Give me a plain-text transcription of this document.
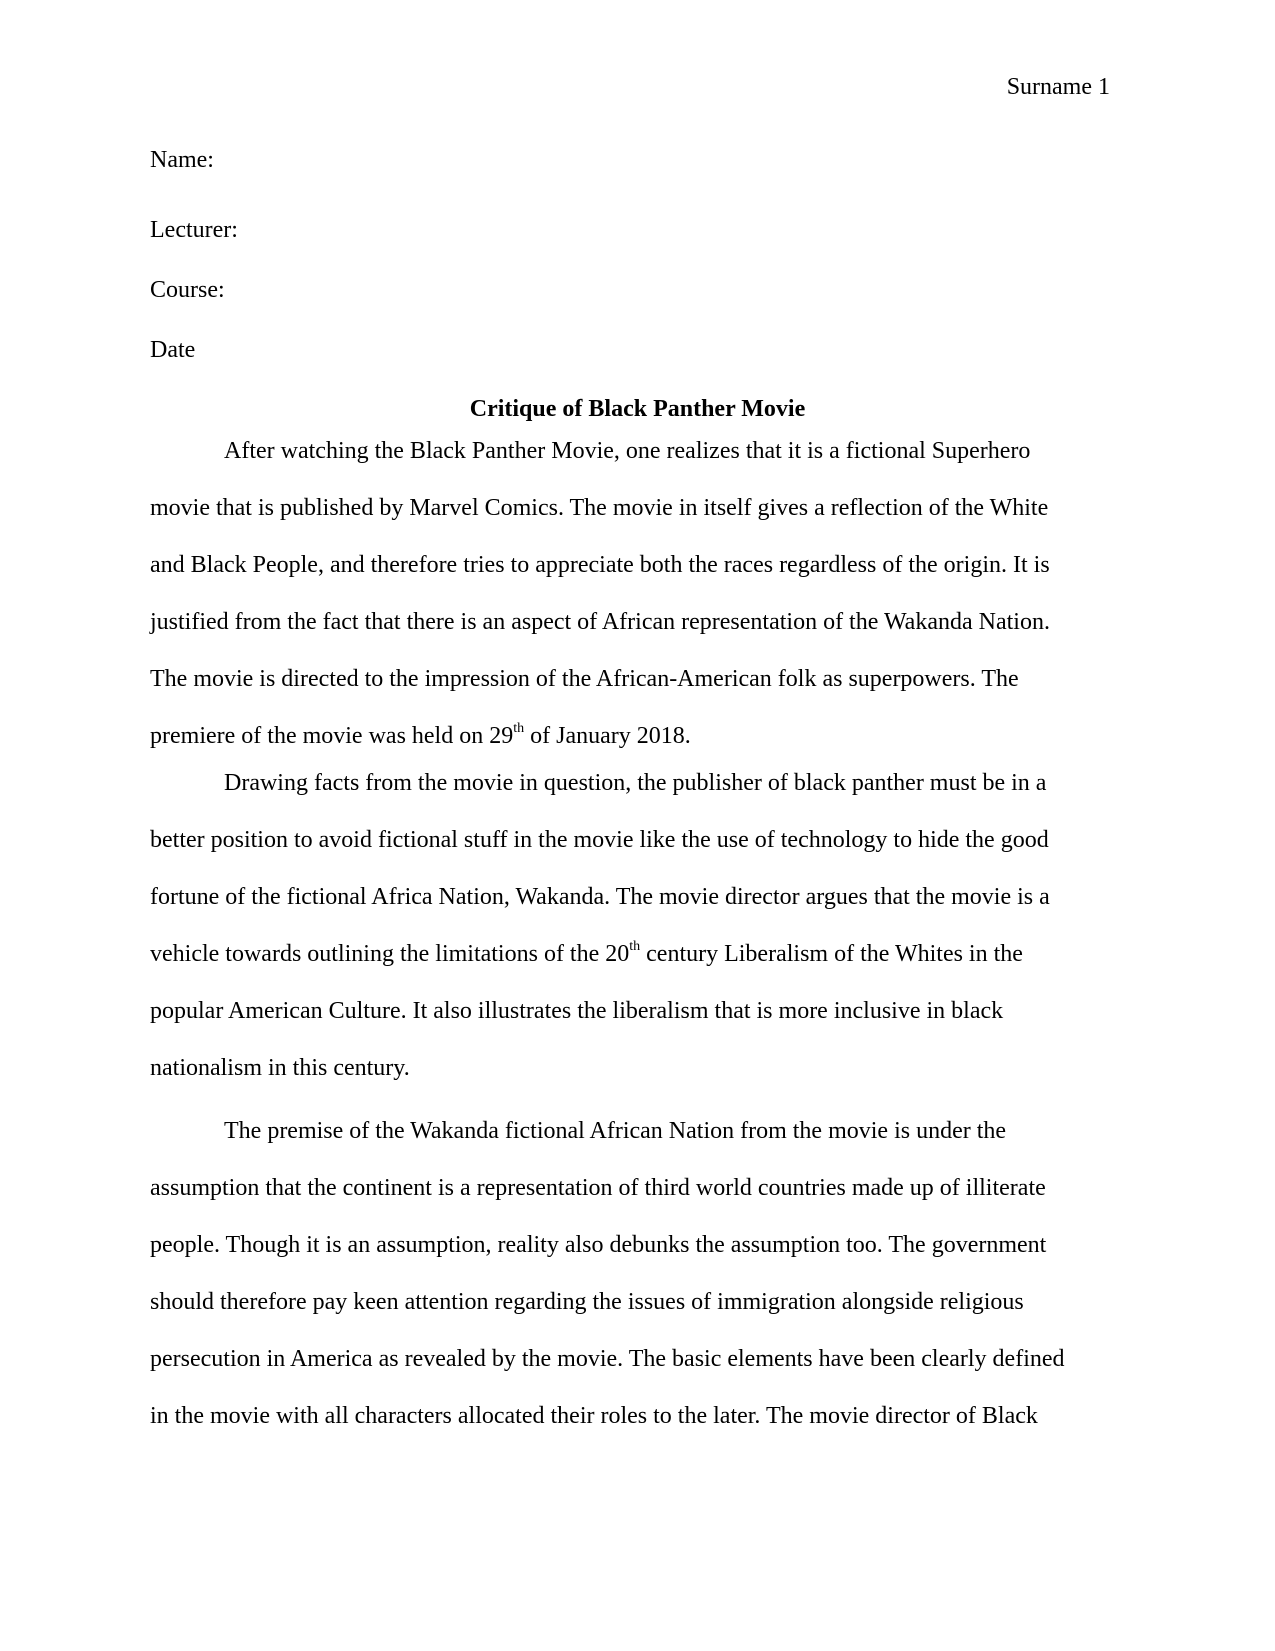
Surname 1
Name:
Lecturer:
Course:
Date
Critique of Black Panther Movie
After watching the Black Panther Movie, one realizes that it is a fictional Superhero
movie that is published by Marvel Comics. The movie in itself gives a reflection of the White
and Black People, and therefore tries to appreciate both the races regardless of the origin. It is
justified from the fact that there is an aspect of African representation of the Wakanda Nation.
The movie is directed to the impression of the African-American folk as superpowers. The
premiere of the movie was held on 29th of January 2018.
Drawing facts from the movie in question, the publisher of black panther must be in a
better position to avoid fictional stuff in the movie like the use of technology to hide the good
fortune of the fictional Africa Nation, Wakanda. The movie director argues that the movie is a
vehicle towards outlining the limitations of the 20th century Liberalism of the Whites in the
popular American Culture. It also illustrates the liberalism that is more inclusive in black
nationalism in this century.
The premise of the Wakanda fictional African Nation from the movie is under the
assumption that the continent is a representation of third world countries made up of illiterate
people. Though it is an assumption, reality also debunks the assumption too. The government
should therefore pay keen attention regarding the issues of immigration alongside religious
persecution in America as revealed by the movie. The basic elements have been clearly defined
in the movie with all characters allocated their roles to the later. The movie director of Black
